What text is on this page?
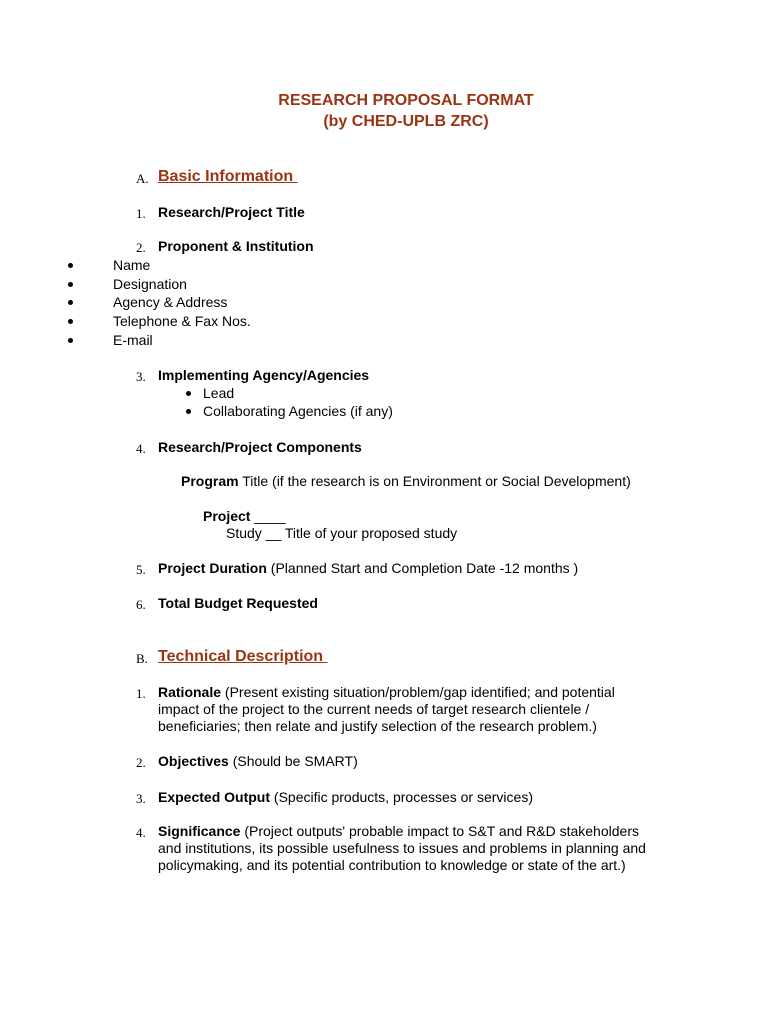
RESEARCH PROPOSAL FORMAT
(by CHED-UPLB ZRC)
A. Basic Information
1. Research/Project Title
2. Proponent & Institution
Name
Designation
Agency & Address
Telephone & Fax Nos.
E-mail
3. Implementing Agency/Agencies
Lead
Collaborating Agencies (if any)
4. Research/Project Components
Program Title (if the research is on Environment or Social Development)
Project ____
Study __ Title of your proposed study
5. Project Duration (Planned Start and Completion Date -12 months )
6. Total Budget Requested
B. Technical Description
1. Rationale (Present existing situation/problem/gap identified; and potential
impact of the project to the current needs of target research clientele /
beneficiaries; then relate and justify selection of the research problem.)
2. Objectives (Should be SMART)
3. Expected Output (Specific products, processes or services)
4. Significance (Project outputs' probable impact to S&T and R&D stakeholders
and institutions, its possible usefulness to issues and problems in planning and
policymaking, and its potential contribution to knowledge or state of the art.)
